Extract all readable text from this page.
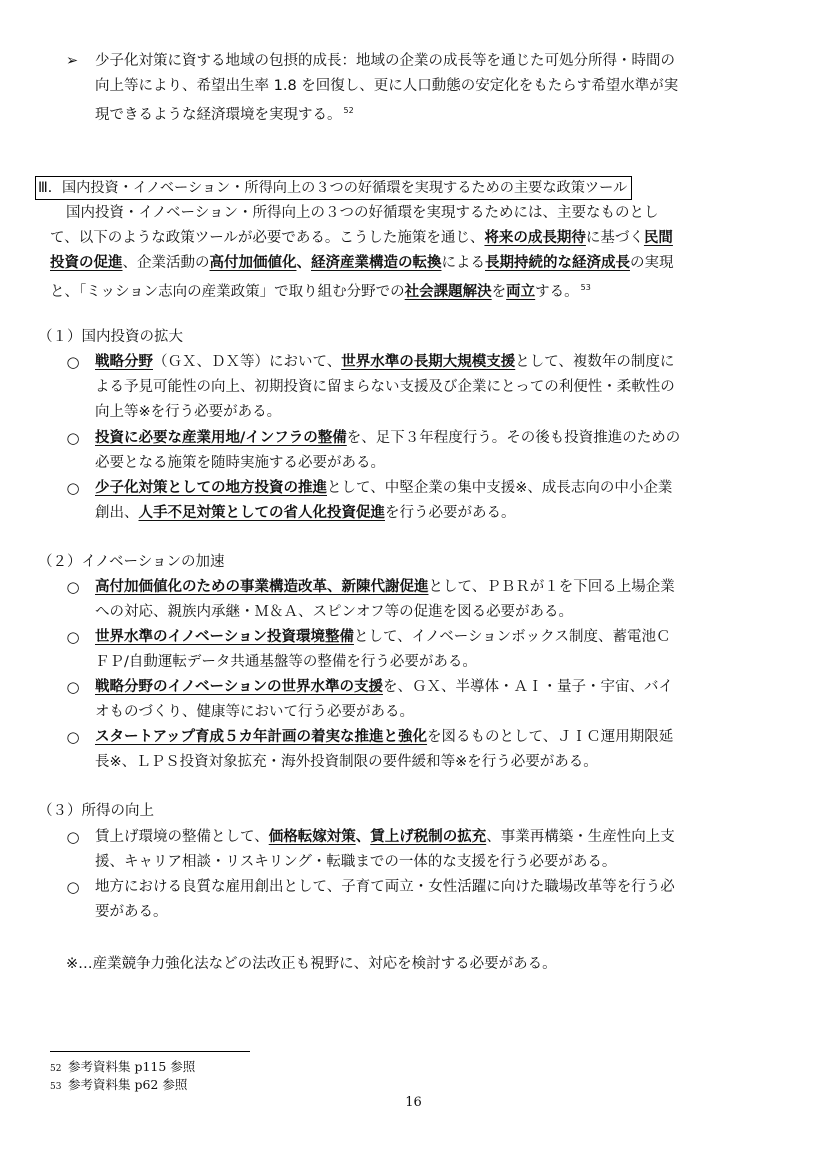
➢ 少子化対策に資する地域の包摂的成長：地域の企業の成長等を通じた可処分所得・時間の
向上等により、希望出生率 1.8 を回復し、更に人口動態の安定化をもたらす希望水準が実
現できるような経済環境を実現する。 $^{52}$
Ⅲ．国内投資・イノベーション・所得向上の３つの好循環を実現するための主要な政策ツール
国内投資・イノベーション・所得向上の３つの好循環を実現するためには、主要なものとし
て、以下のような政策ツールが必要である。こうした施策を通じ、将来の成長期待に基づく民間
投資の促進、企業活動の高付加価値化、経済産業構造の転換による長期持続的な経済成長の実現
と、「ミッション志向の産業政策」で取り組む分野での社会課題解決を両立する。 $^{53}$
（１）国内投資の拡大
○ 戦略分野（ＧＸ、ＤＸ等）において、世界水準の長期大規模支援として、複数年の制度に
よる予見可能性の向上、初期投資に留まらない支援及び企業にとっての利便性・柔軟性の
向上等※を行う必要がある。
○ 投資に必要な産業用地/インフラの整備を、足下３年程度行う。その後も投資推進のための
必要となる施策を随時実施する必要がある。
○ 少子化対策としての地方投資の推進として、中堅企業の集中支援※、成長志向の中小企業
創出、人手不足対策としての省人化投資促進を行う必要がある。
（２）イノベーションの加速
○ 高付加価値化のための事業構造改革、新陳代謝促進として、ＰＢＲが１を下回る上場企業
への対応、親族内承継・Ｍ＆Ａ、スピンオフ等の促進を図る必要がある。
○ 世界水準のイノベーション投資環境整備として、イノベーションボックス制度、蓄電池Ｃ
ＦＰ/自動運転データ共通基盤等の整備を行う必要がある。
○ 戦略分野のイノベーションの世界水準の支援を、ＧＸ、半導体・ＡＩ・量子・宇宙、バイ
オものづくり、健康等において行う必要がある。
○ スタートアップ育成５カ年計画の着実な推進と強化を図るものとして、ＪＩＣ運用期限延
長※、ＬＰＳ投資対象拡充・海外投資制限の要件緩和等※を行う必要がある。
（３）所得の向上
○ 賃上げ環境の整備として、価格転嫁対策、賃上げ税制の拡充、事業再構築・生産性向上支
援、キャリア相談・リスキリング・転職までの一体的な支援を行う必要がある。
○ 地方における良質な雇用創出として、子育て両立・女性活躍に向けた職場改革等を行う必
要がある。
※…産業競争力強化法などの法改正も視野に、対応を検討する必要がある。
52 参考資料集 p115 参照
53 参考資料集 p62 参照
16
